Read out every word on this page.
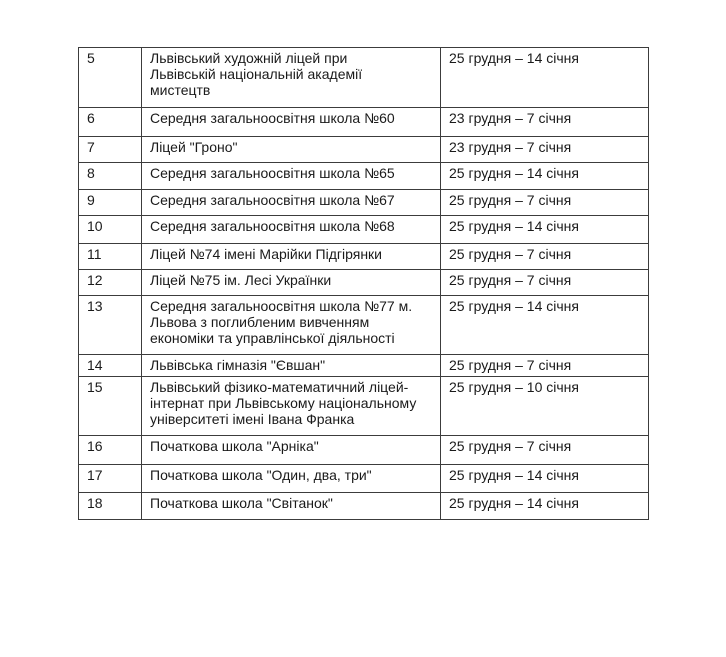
5	Львівський художній ліцей при
Львівській національній академії
мистецтв	25 грудня – 14 січня
6	Середня загальноосвітня школа №60	23 грудня – 7 січня
7	Ліцей "Гроно"	23 грудня – 7 січня
8	Середня загальноосвітня школа №65	25 грудня – 14 січня
9	Середня загальноосвітня школа №67	25 грудня – 7 січня
10	Середня загальноосвітня школа №68	25 грудня – 14 січня
11	Ліцей №74 імені Марійки Підгірянки	25 грудня – 7 січня
12	Ліцей №75 ім. Лесі Українки	25 грудня – 7 січня
13	Середня загальноосвітня школа №77 м.
Львова з поглибленим вивченням
економіки та управлінської діяльності	25 грудня – 14 січня
14	Львівська гімназія "Євшан"	25 грудня – 7 січня
15	Львівський фізико-математичний ліцей-
інтернат при Львівському національному
університеті імені Івана Франка	25 грудня – 10 січня
16	Початкова школа "Арніка"	25 грудня – 7 січня
17	Початкова школа "Один, два, три"	25 грудня – 14 січня
18	Початкова школа "Світанок"	25 грудня – 14 січня
